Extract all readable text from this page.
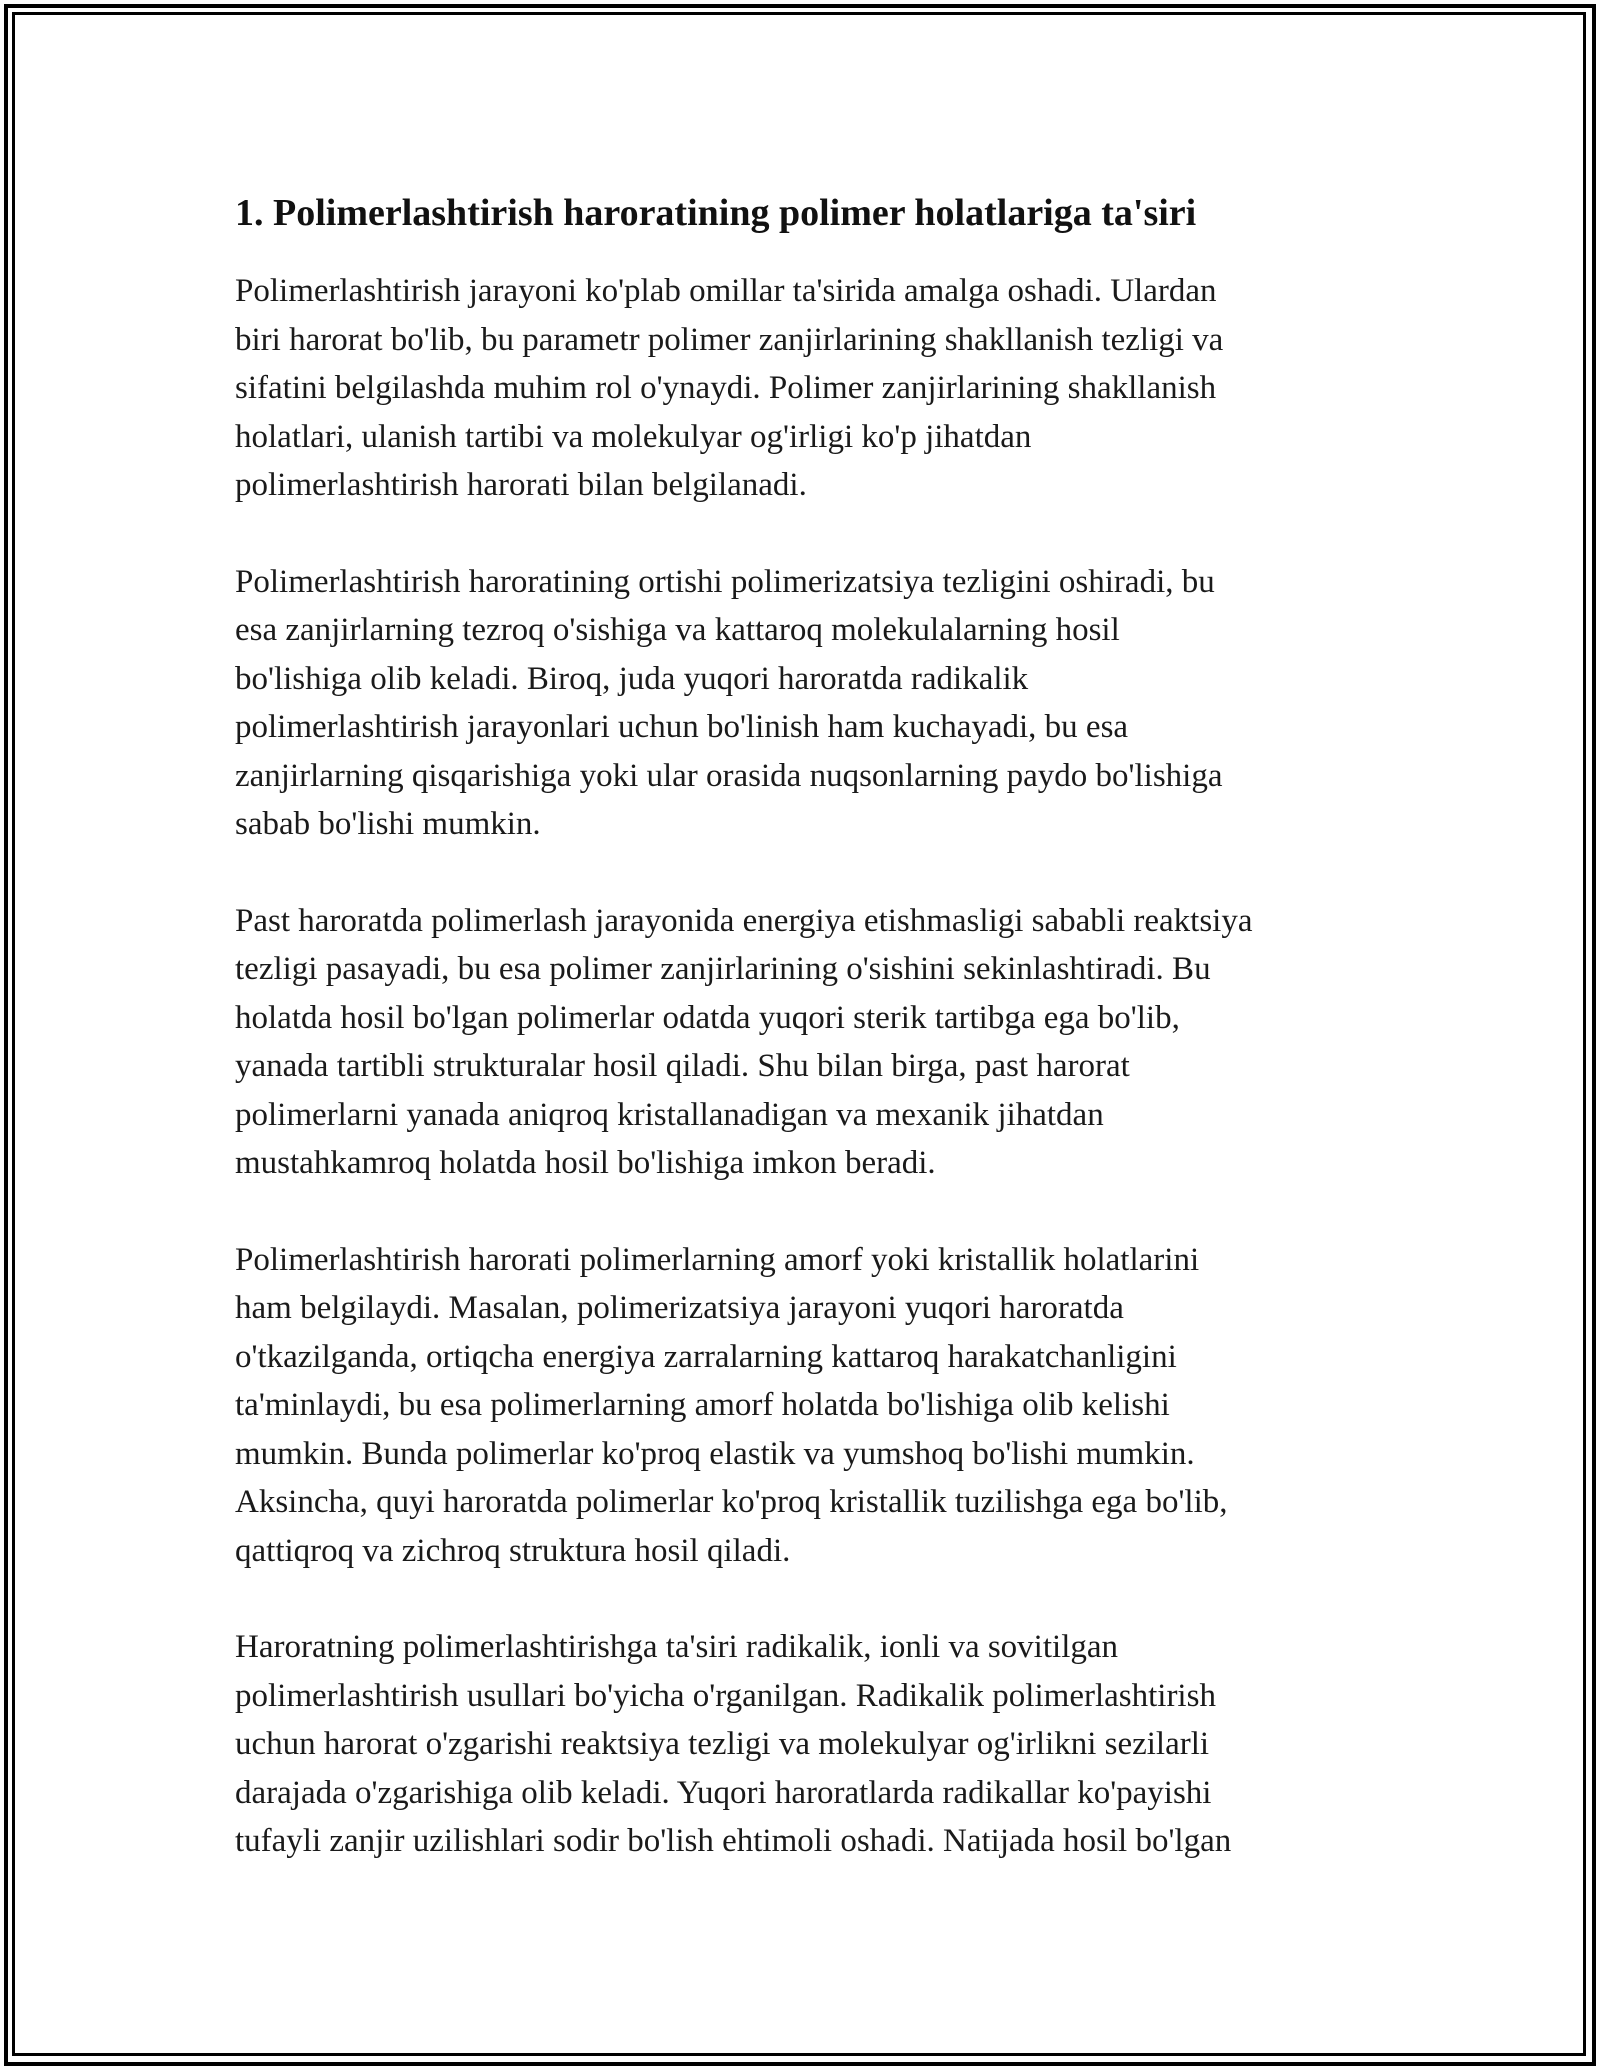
1. Polimerlashtirish haroratining polimer holatlariga ta'siri

Polimerlashtirish jarayoni ko'plab omillar ta'sirida amalga oshadi. Ulardan
biri harorat bo'lib, bu parametr polimer zanjirlarining shakllanish tezligi va
sifatini belgilashda muhim rol o'ynaydi. Polimer zanjirlarining shakllanish
holatlari, ulanish tartibi va molekulyar og'irligi ko'p jihatdan
polimerlashtirish harorati bilan belgilanadi.

Polimerlashtirish haroratining ortishi polimerizatsiya tezligini oshiradi, bu
esa zanjirlarning tezroq o'sishiga va kattaroq molekulalarning hosil
bo'lishiga olib keladi. Biroq, juda yuqori haroratda radikalik
polimerlashtirish jarayonlari uchun bo'linish ham kuchayadi, bu esa
zanjirlarning qisqarishiga yoki ular orasida nuqsonlarning paydo bo'lishiga
sabab bo'lishi mumkin.

Past haroratda polimerlash jarayonida energiya etishmasligi sababli reaktsiya
tezligi pasayadi, bu esa polimer zanjirlarining o'sishini sekinlashtiradi. Bu
holatda hosil bo'lgan polimerlar odatda yuqori sterik tartibga ega bo'lib,
yanada tartibli strukturalar hosil qiladi. Shu bilan birga, past harorat
polimerlarni yanada aniqroq kristallanadigan va mexanik jihatdan
mustahkamroq holatda hosil bo'lishiga imkon beradi.

Polimerlashtirish harorati polimerlarning amorf yoki kristallik holatlarini
ham belgilaydi. Masalan, polimerizatsiya jarayoni yuqori haroratda
o'tkazilganda, ortiqcha energiya zarralarning kattaroq harakatchanligini
ta'minlaydi, bu esa polimerlarning amorf holatda bo'lishiga olib kelishi
mumkin. Bunda polimerlar ko'proq elastik va yumshoq bo'lishi mumkin.
Aksincha, quyi haroratda polimerlar ko'proq kristallik tuzilishga ega bo'lib,
qattiqroq va zichroq struktura hosil qiladi.

Haroratning polimerlashtirishga ta'siri radikalik, ionli va sovitilgan
polimerlashtirish usullari bo'yicha o'rganilgan. Radikalik polimerlashtirish
uchun harorat o'zgarishi reaktsiya tezligi va molekulyar og'irlikni sezilarli
darajada o'zgarishiga olib keladi. Yuqori haroratlarda radikallar ko'payishi
tufayli zanjir uzilishlari sodir bo'lish ehtimoli oshadi. Natijada hosil bo'lgan
